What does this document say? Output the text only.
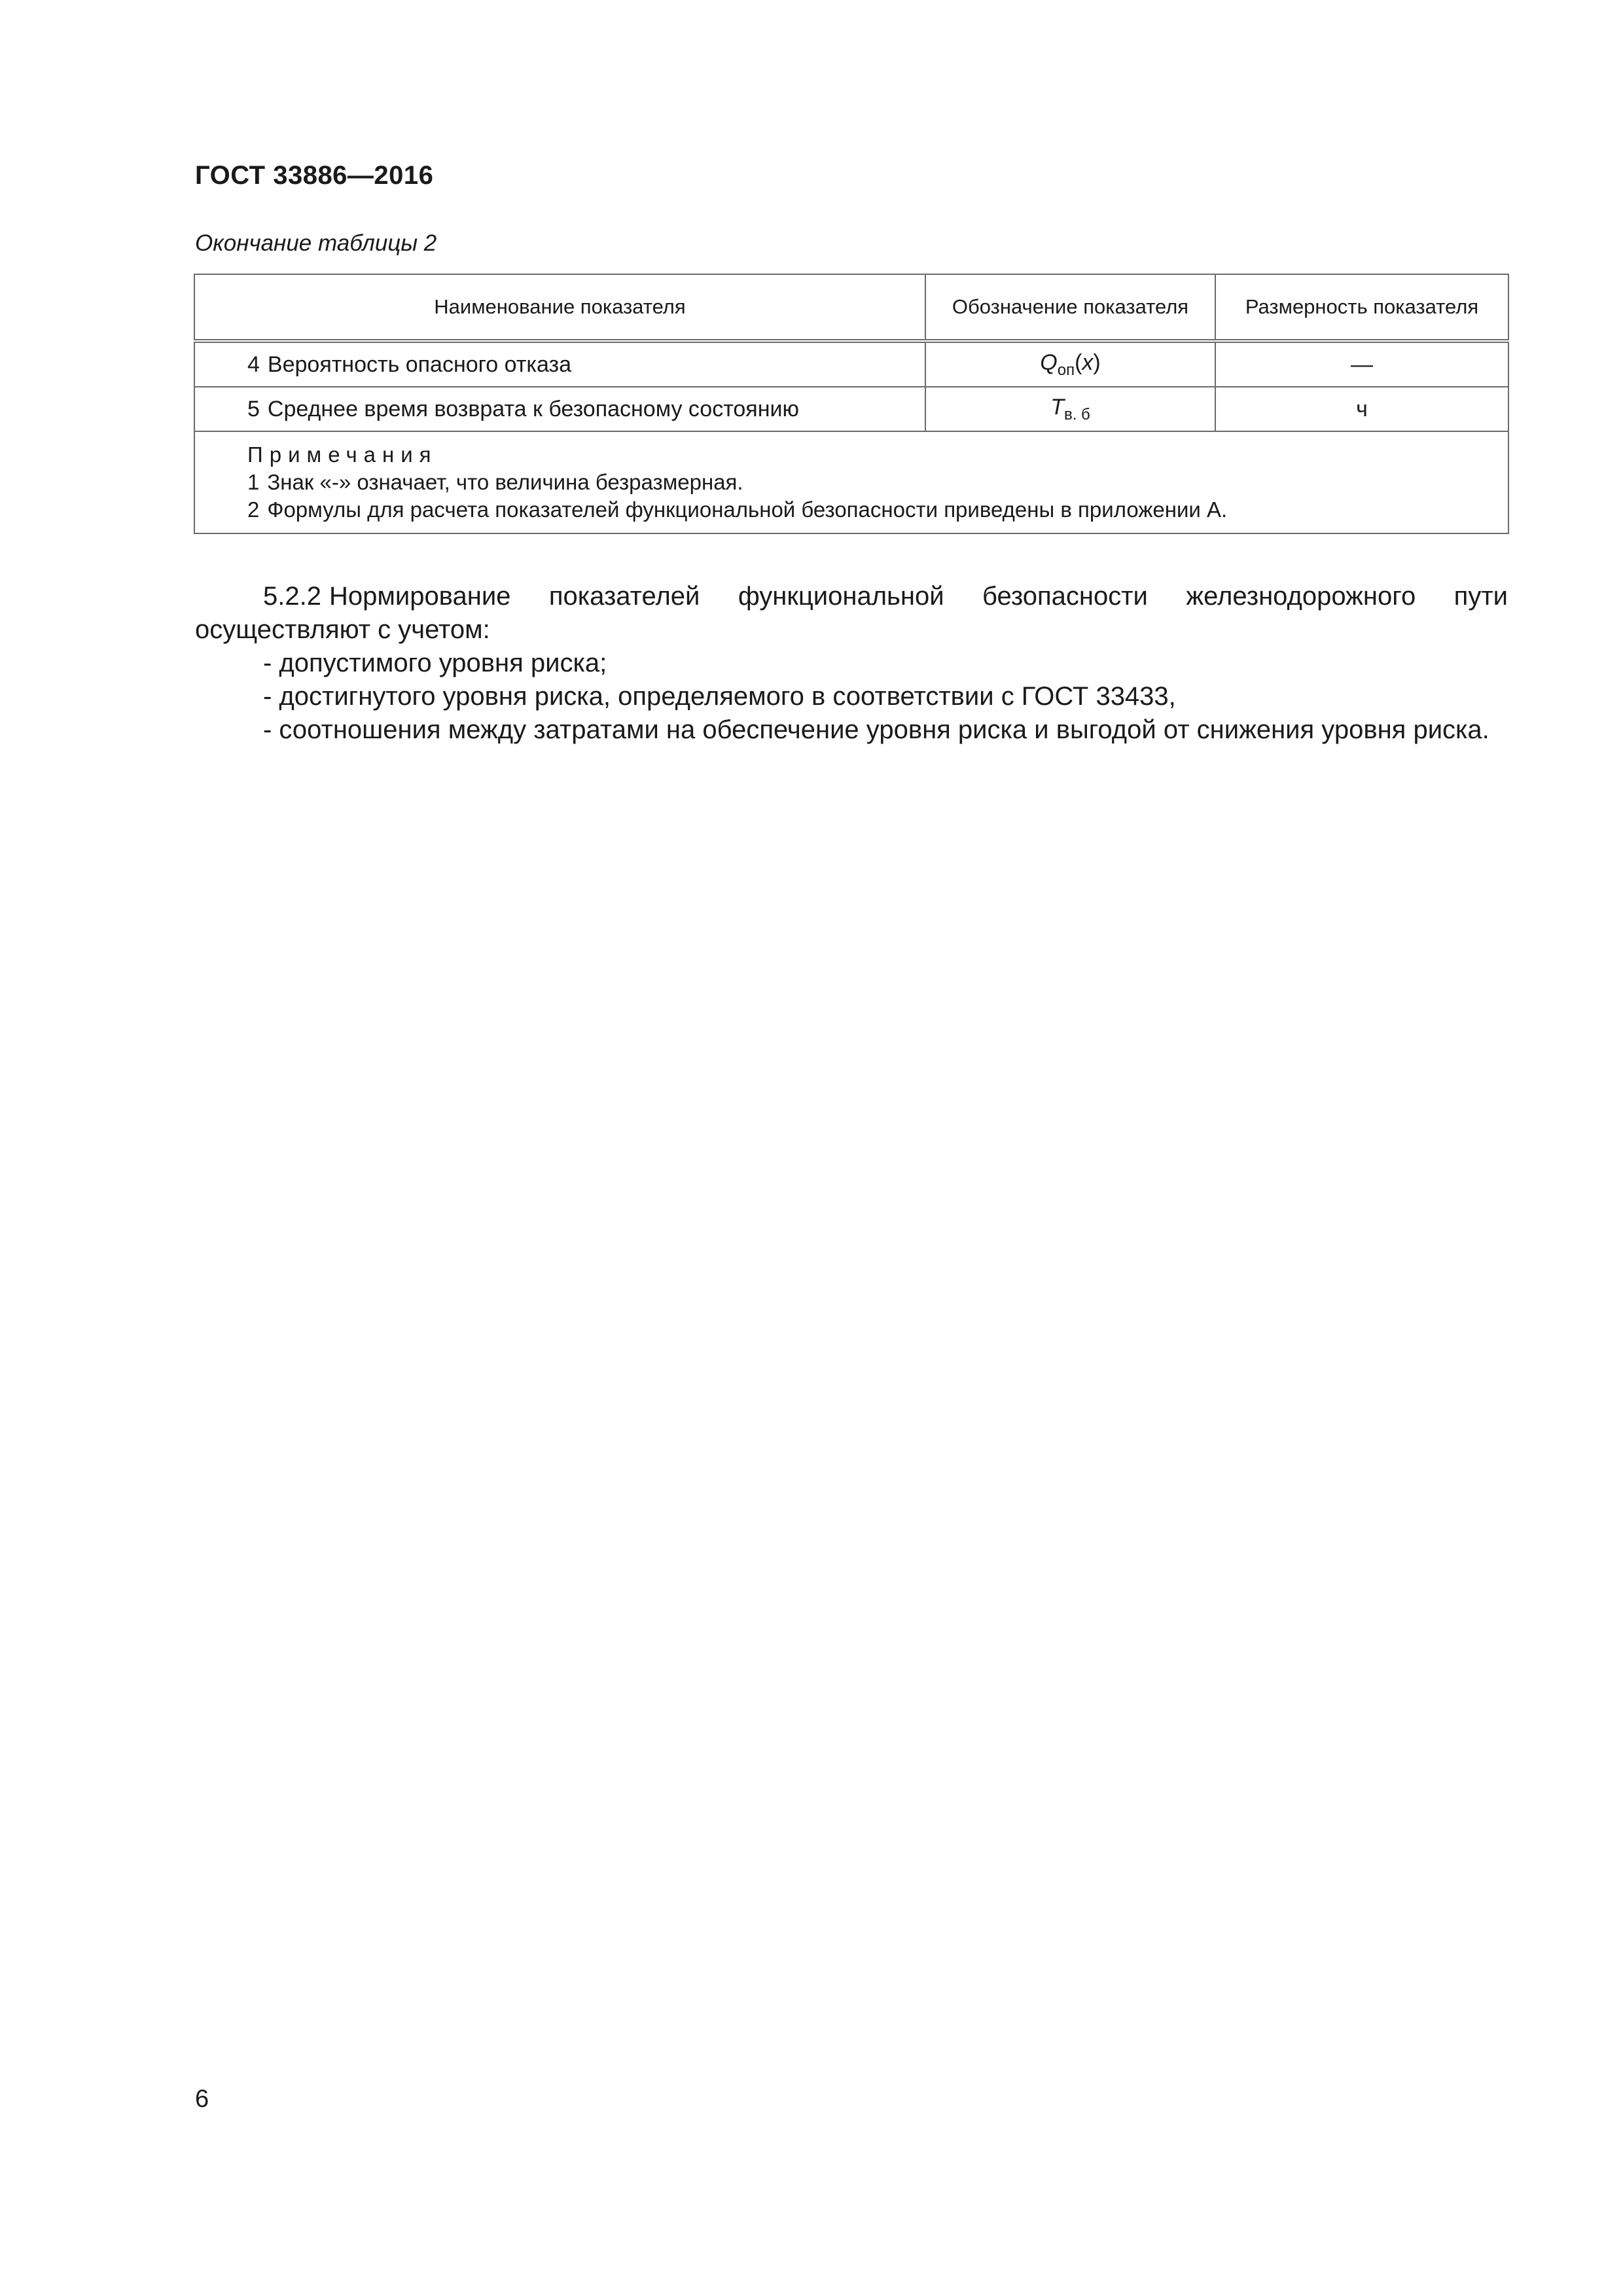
ГОСТ 33886—2016
Окончание таблицы 2
Наименование показателя	Обозначение показателя	Размерность показателя
4 Вероятность опасного отказа	$Q_{оп}(x)$	—
5 Среднее время возврата к безопасному состоянию	$T_{в. б}$	ч

Примечания
1 Знак «-» означает, что величина безразмерная.
2 Формулы для расчета показателей функциональной безопасности приведены в приложении А.		

5.2.2 Нормирование показателей функциональной безопасности железнодорожного пути осуществляют с учетом:

- допустимого уровня риска;

- достигнутого уровня риска, определяемого в соответствии с ГОСТ 33433,

- соотношения между затратами на обеспечение уровня риска и выгодой от снижения уровня риска.

6
